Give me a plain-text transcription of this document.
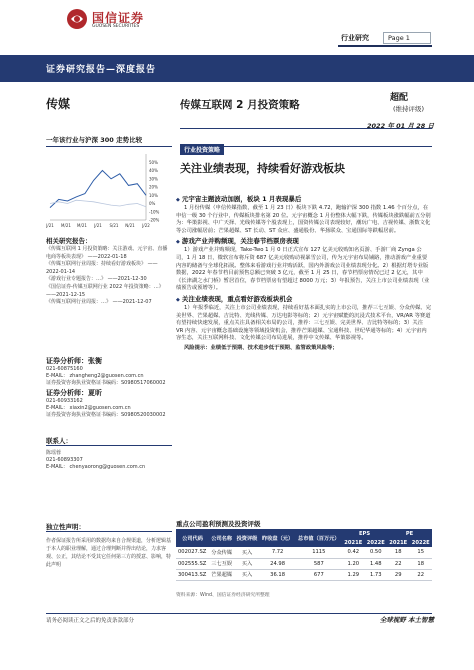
国信证券
GUOSEN SECURITIES
行业研究	Page 1
证券研究报告—深度报告
传媒	传媒互联网 2 月投资策略
超配
(维持评级)
2022 年 01 月 28 日
一年该行业与沪深 300 走势比较
50%
40%
30%
20%
10%
0%
-10%
-20%
J/21 M/21 M/21 J/21 S/21 N/21 J/22
相关研究报告：

《传媒互联网 1 月投资策略：关注游戏、元宇宙、直播电商等板块表现》 ——2022-01-18

《传媒互联网行业周报：持续看好游戏板块》 ——2022-01-14

《游戏行业专题报告：…》 ——2021-12-30

《国信证券-传媒互联网行业 2022 年投资策略：…》 ——2021-12-15

《传媒互联网行业周报：…》 ——2021-12-07

证券分析师：张衡
021-60875160
E-MAIL： zhangheng2@guosen.com.cn
证券投资咨询执业资格证书编码：S0980517060002
证券分析师：夏昕
021-60933162
E-MAIL： xiaxin2@guosen.com.cn
证券投资咨询执业资格证书编码：S0980520030002
联系人：
陈瑶蓉
021-60893307
E-MAIL： chenyaorong@guosen.com.cn
独立性声明：
作者保证报告所采用的数据均来自合规渠道，分析逻辑基于本人的职业理解，通过合理判断并得出结论，力求客观、公正，其结论不受其它任何第三方的授意、影响，特此声明
行业投资策略
关注业绩表现，持续看好游戏板块
◆ 元宇宙主题波动加剧，板块 1 月表现暴后
1 月份传媒（申信传媒指数，截至 1 月 23 日）板块下跌 4.72，跑输沪深 300 指数 1.46 个百分点，在申信一级 30 个行业中，传媒板块排名第 20 位。元宇宙概念 1 月份整体大幅下跌，传媒板块涨跌幅前五分别为：华策影视、中广天择、光线传媒等个股表现上，国资传媒公司表现较好，潮玩广电、吉视传媒、浙数文化等公司涨幅居前；芒果超媒、ST 长动、ST 众应、盛通股份、华扬联众、宝通国际等跌幅居前。
◆ 游戏产业并购频现，关注春节档票房表现
1）游戏产业并购频现，Take-Two 1 月 0 日正式宣布 127 亿美元收购知名页游、手游厂商 Zynga 公司，1 月 18 日，微软宣布将斥资 687 亿美元收购动视暴雪公司，传为元宇宙布局铺路，推动游戏产业重要内容的储备与全球化拓展。整体来看游戏行业并购活跃，国内外游戏公司业绩表现分化。2）根据灯塔专业版数据，2022 年春节档目前预售总额已突破 3 亿元，截至 1 月 25 日，春节档票房情况已过 2 亿元，其中《长津湖之水门桥》暂居首位，春节档票房有望超过 8000 万元；3）年报预告，关注上市公司业绩表现（业绩预告或预增等）。
◆ 关注业绩表现，重点看好游戏板块机会
1）年报季临近，关注上市公司业绩表现，持续看好基本面扎实的上市公司，推荐三七互娱、分众传媒、完美世界、芒果超媒、吉比特、光线传媒、万达电影等标的；2）元宇宙赋能的沉浸式技术平台，VR/AR 等赛道有望持续快速发展，重点关注具备相关布局的公司，推荐：三七互娱、完美世界、吉比特等标的；3）关注 VR 内容、元宇宙概念基础设施等领域投资机会，推荐芒果超媒、宝通科技、世纪华通等标的；4）元宇宙内容生态，关注互联网科技、文化传媒公司布局进展，推荐中文传媒、华策影视等。
风险提示：业绩低于预期、技术进步低于预期、监管政策风险等；
重点公司盈利预测及投资评级
公司代码	公司名称	投资评级	昨收盘（元）	总市值（百万元）	EPS		PE	
					2021E	2022E	2021E	2022E
002027.SZ	分众传媒	买入	7.72	1115	0.42	0.50	18	15
002555.SZ	三七互娱	买入	24.98	587	1.20	1.48	22	18
300413.SZ	芒果超媒	买入	36.18	677	1.29	1.73	29	22
资料来源：Wind、国信证券经济研究所整理
请务必阅读正文之后的免责条款部分	全球视野 本土智慧
